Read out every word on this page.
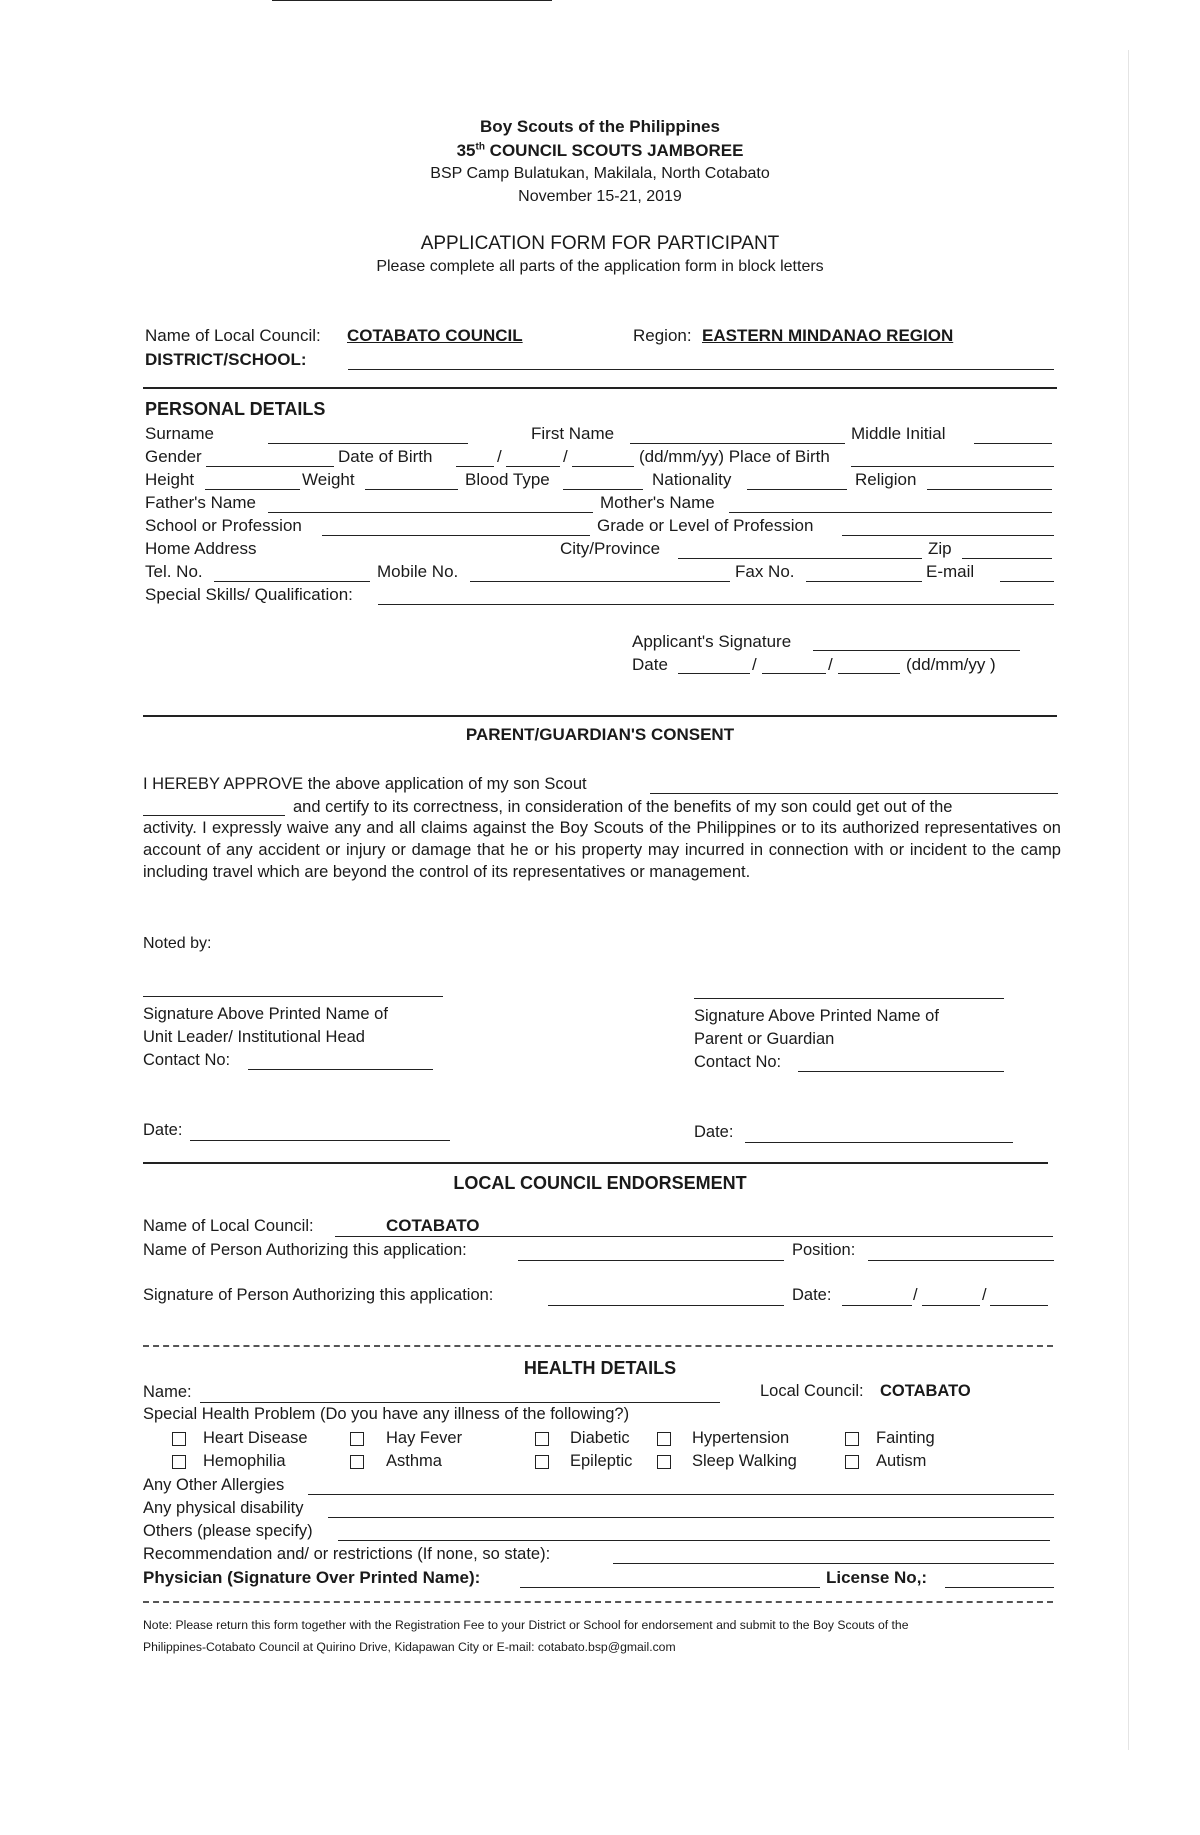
Boy Scouts of the Philippines
35th COUNCIL SCOUTS JAMBOREE
BSP Camp Bulatukan, Makilala, North Cotabato
November 15-21, 2019
APPLICATION FORM FOR PARTICIPANT
Please complete all parts of the application form in block letters
Name of Local Council: COTABATO COUNCIL	Region: EASTERN MINDANAO REGION
DISTRICT/SCHOOL:
PERSONAL DETAILS
Surname	First Name	Middle Initial
Gender	Date of Birth	/	/	(dd/mm/yy) Place of Birth
Height	Weight	Blood Type	Nationality	Religion
Father's Name	Mother's Name
School or Profession	Grade or Level of Profession
Home Address	City/Province	Zip
Tel. No.	Mobile No.	Fax No.	E-mail
Special Skills/ Qualification:
Applicant's Signature
Date	/	/	(dd/mm/yy )
PARENT/GUARDIAN'S CONSENT
I HEREBY APPROVE the above application of my son Scout
and certify to its correctness, in consideration of the benefits of my son could get out of the
activity. I expressly waive any and all claims against the Boy Scouts of the Philippines or to its authorized representatives on account of any accident or injury or damage that he or his property may incurred in connection with or incident to the camp including travel which are beyond the control of its representatives or management.
Noted by:
Signature Above Printed Name of
Unit Leader/ Institutional Head
Contact No:
Signature Above Printed Name of
Parent or Guardian
Contact No:
Date:	Date:
LOCAL COUNCIL ENDORSEMENT
Name of Local Council:	COTABATO
Name of Person Authorizing this application:	Position:
Signature of Person Authorizing this application:	Date:	/	/
HEALTH DETAILS
Name:	Local Council: COTABATO
Special Health Problem (Do you have any illness of the following?)
Heart Disease	Hay Fever	Diabetic	Hypertension	Fainting
Hemophilia	Asthma	Epileptic	Sleep Walking	Autism
Any Other Allergies
Any physical disability
Others (please specify)
Recommendation and/ or restrictions (If none, so state):
Physician (Signature Over Printed Name):	License No,:
Note: Please return this form together with the Registration Fee to your District or School for endorsement and submit to the Boy Scouts of the
Philippines-Cotabato Council at Quirino Drive, Kidapawan City or E-mail: cotabato.bsp@gmail.com
